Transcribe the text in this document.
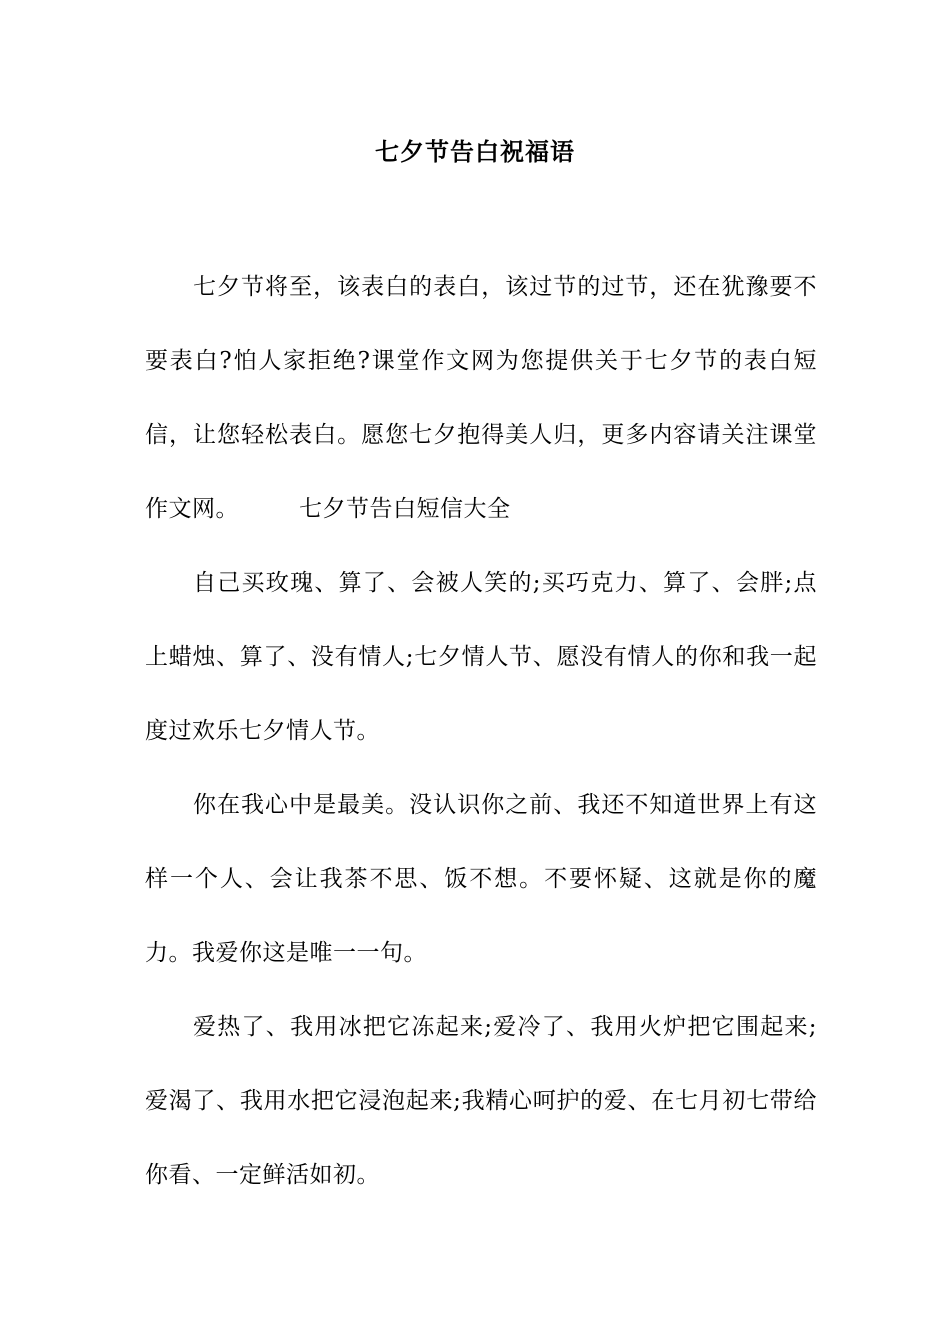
七夕节告白祝福语

七夕节将至，该表白的表白，该过节的过节，还在犹豫要不要表白?怕人家拒绝?课堂作文网为您提供关于七夕节的表白短信，让您轻松表白。愿您七夕抱得美人归，更多内容请关注课堂作文网。	七夕节告白短信大全

自己买玫瑰、算了、会被人笑的;买巧克力、算了、会胖;点上蜡烛、算了、没有情人;七夕情人节、愿没有情人的你和我一起度过欢乐七夕情人节。

你在我心中是最美。没认识你之前、我还不知道世界上有这样一个人、会让我茶不思、饭不想。不要怀疑、这就是你的魔力。我爱你这是唯一一句。

爱热了、我用冰把它冻起来;爱冷了、我用火炉把它围起来;爱渴了、我用水把它浸泡起来;我精心呵护的爱、在七月初七带给你看、一定鲜活如初。
